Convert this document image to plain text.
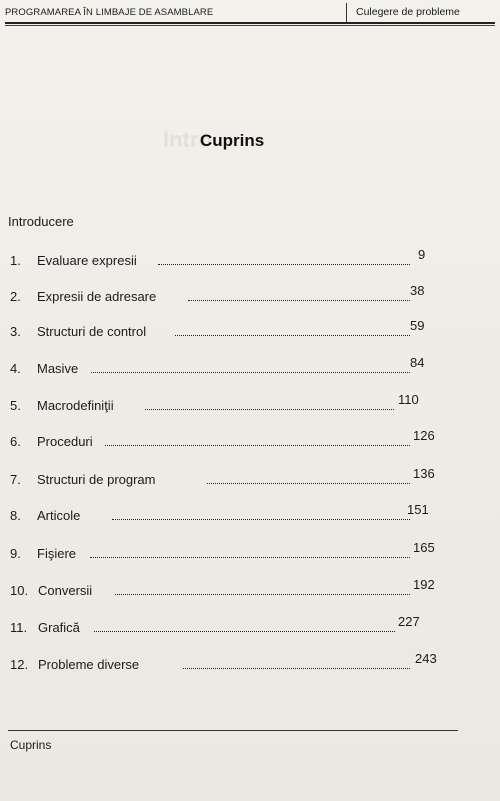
Intro
PROGRAMAREA ÎN LIMBAJE DE ASAMBLARE	Culegere de probleme
Cuprins
Introducere
1. Evaluare expresii	9
2. Expresii de adresare	38
3. Structuri de control	59
4. Masive	84
5. Macrodefiniţii	110
6. Proceduri	126
7. Structuri de program	136
8. Articole	151
9. Fişiere	165
10. Conversii	192
11. Grafică	227
12. Probleme diverse	243
Cuprins
